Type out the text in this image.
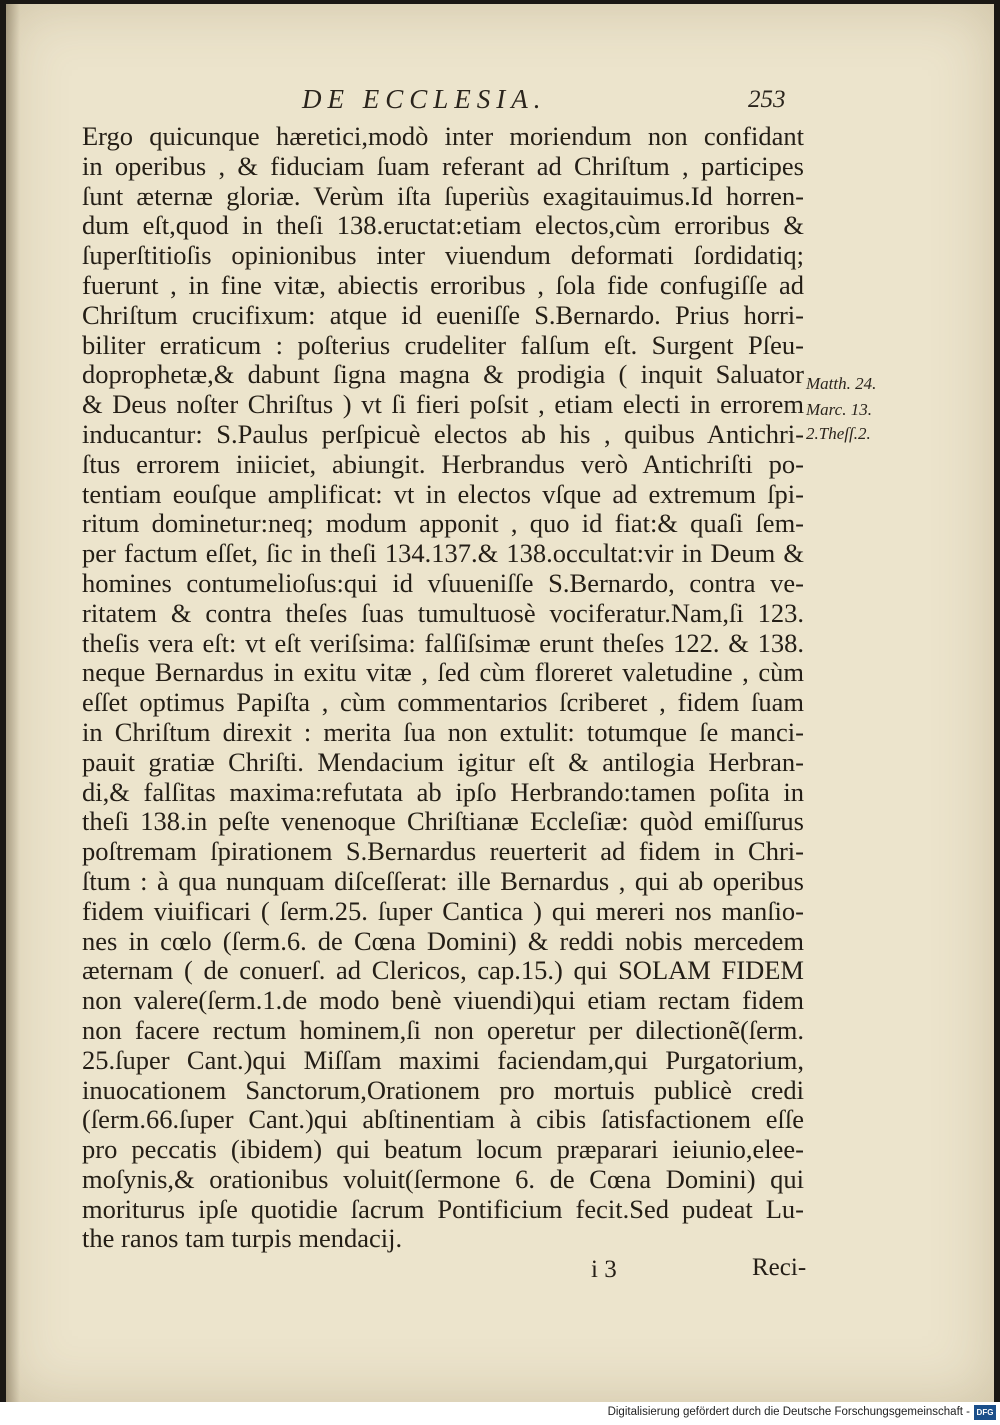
DE ECCLESIA.	253
Ergo quicunque hæretici,modò inter moriendum non confidant
in operibus , & fiduciam ſuam referant ad Chriſtum , participes
ſunt æternæ gloriæ. Verùm iſta ſuperiùs exagitauimus.Id horren-
dum eſt,quod in theſi 138.eructat:etiam electos,cùm erroribus &
ſuperſtitioſis opinionibus inter viuendum deformati ſordidatiq;
fuerunt , in fine vitæ, abiectis erroribus , ſola fide confugiſſe ad
Chriſtum crucifixum: atque id eueniſſe S.Bernardo. Prius horri-
biliter erraticum : poſterius crudeliter falſum eſt. Surgent Pſeu-
doprophetæ,& dabunt ſigna magna & prodigia ( inquit Saluator
& Deus noſter Chriſtus ) vt ſi fieri poſsit , etiam electi in errorem
inducantur: S.Paulus perſpicuè electos ab his , quibus Antichri-
ſtus errorem iniiciet, abiungit. Herbrandus verò Antichriſti po-
tentiam eouſque amplificat: vt in electos vſque ad extremum ſpi-
ritum dominetur:neq; modum apponit , quo id fiat:& quaſi ſem-
per factum eſſet, ſic in theſi 134.137.& 138.occultat:vir in Deum &
homines contumelioſus:qui id vſuueniſſe S.Bernardo, contra ve-
ritatem & contra theſes ſuas tumultuosè vociferatur.Nam,ſi 123.
theſis vera eſt: vt eſt veriſsima: falſiſsimæ erunt theſes 122. & 138.
neque Bernardus in exitu vitæ , ſed cùm floreret valetudine , cùm
eſſet optimus Papiſta , cùm commentarios ſcriberet , fidem ſuam
in Chriſtum direxit : merita ſua non extulit: totumque ſe manci-
pauit gratiæ Chriſti. Mendacium igitur eſt & antilogia Herbran-
di,& falſitas maxima:refutata ab ipſo Herbrando:tamen poſita in
theſi 138.in peſte venenoque Chriſtianæ Eccleſiæ: quòd emiſſurus
poſtremam ſpirationem S.Bernardus reuerterit ad fidem in Chri-
ſtum : à qua nunquam diſceſſerat: ille Bernardus , qui ab operibus
fidem viuificari ( ſerm.25. ſuper Cantica ) qui mereri nos manſio-
nes in cœlo (ſerm.6. de Cœna Domini) & reddi nobis mercedem
æternam ( de conuerſ. ad Clericos, cap.15.) qui SOLAM FIDEM
non valere(ſerm.1.de modo benè viuendi)qui etiam rectam fidem
non facere rectum hominem,ſi non operetur per dilectionẽ(ſerm.
25.ſuper Cant.)qui Miſſam maximi faciendam,qui Purgatorium,
inuocationem Sanctorum,Orationem pro mortuis publicè credi
(ſerm.66.ſuper Cant.)qui abſtinentiam à cibis ſatisfactionem eſſe
pro peccatis (ibidem) qui beatum locum præparari ieiunio,elee-
moſynis,& orationibus voluit(ſermone 6. de Cœna Domini) qui
moriturus ipſe quotidie ſacrum Pontificium fecit.Sed pudeat Lu-
the ranos tam turpis mendacij.
Matth. 24.
Marc. 13.
2.Theſſ.2.
i 3	Reci-
Digitalisierung gefördert durch die Deutsche Forschungsgemeinschaft - DFG
